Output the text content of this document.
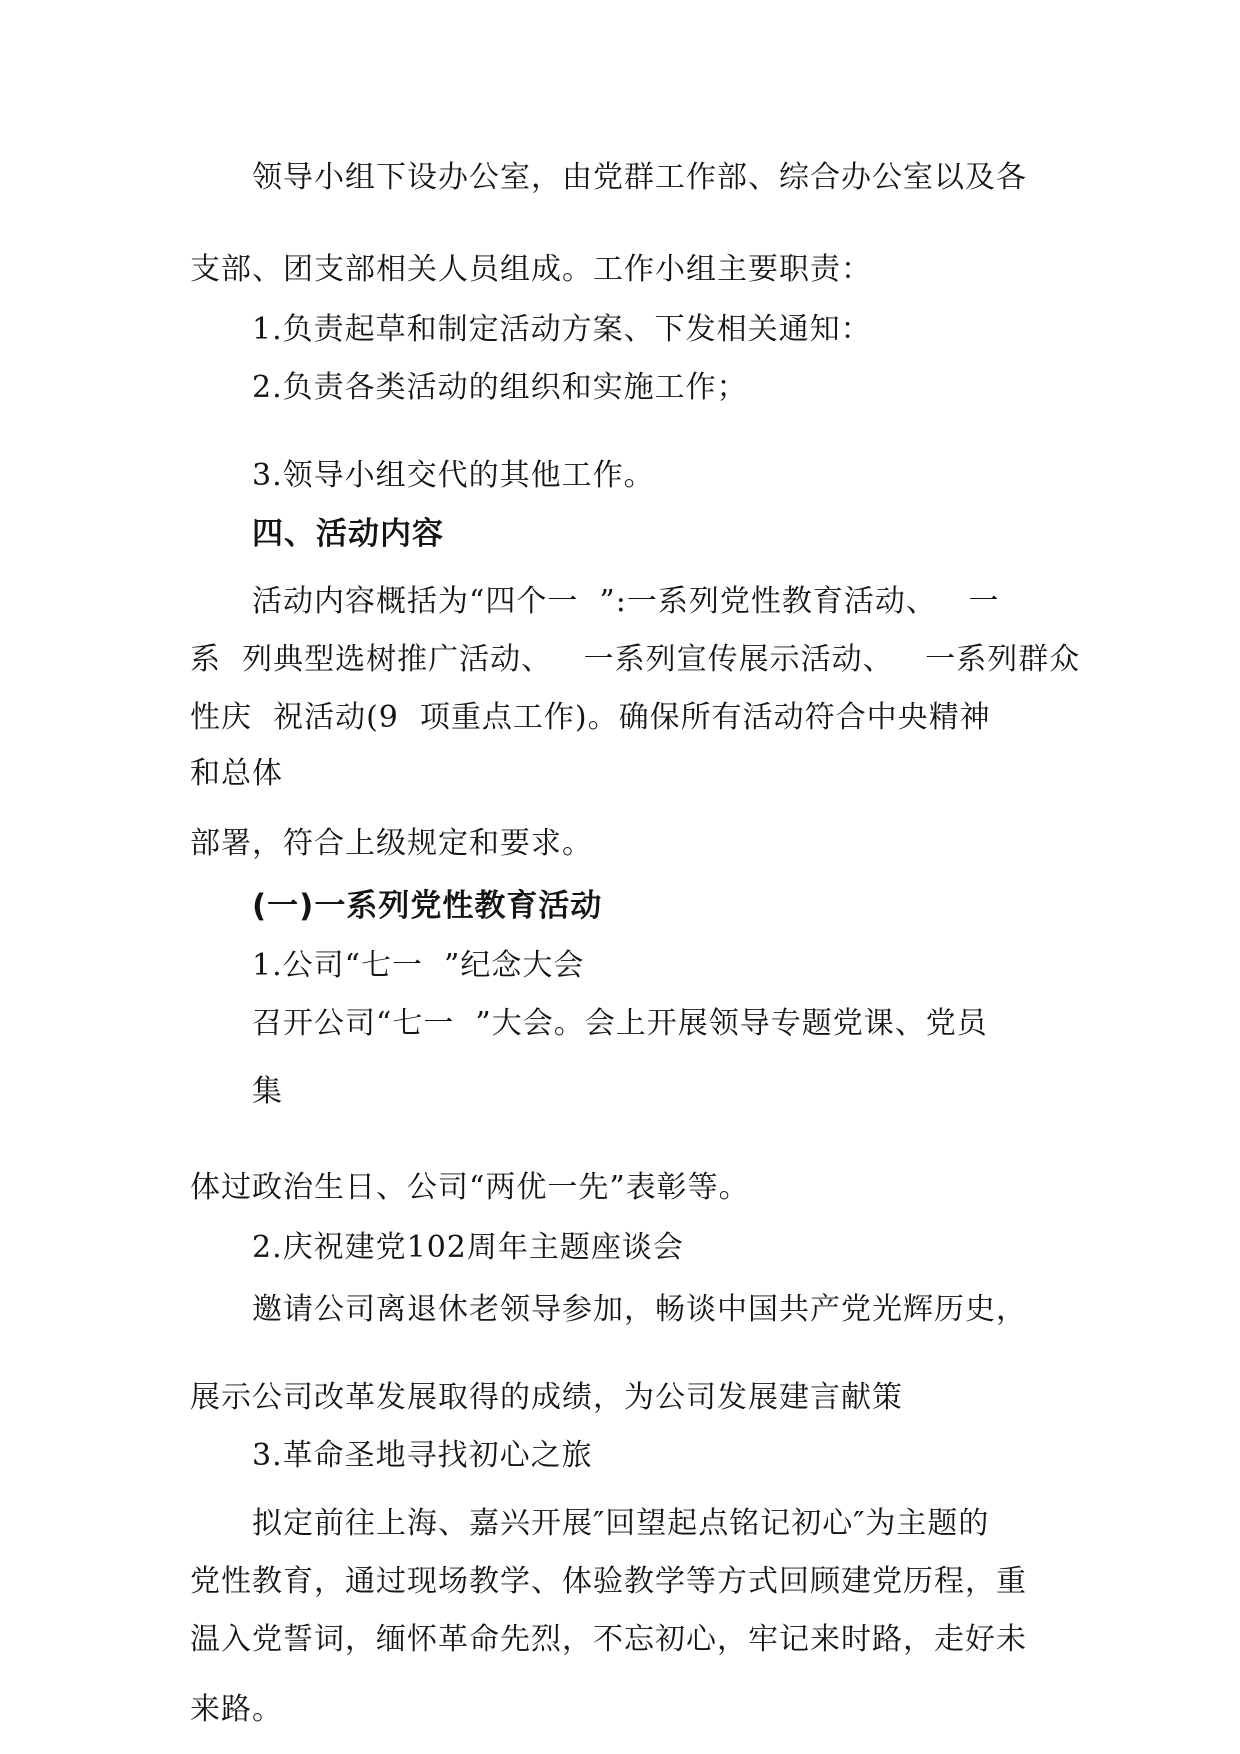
领导小组下设办公室，由党群工作部、综合办公室以及各
支部、团支部相关人员组成。工作小组主要职责：
1.负责起草和制定活动方案、下发相关通知：
2.负责各类活动的组织和实施工作；
3.领导小组交代的其他工作。
四、活动内容
活动内容概括为“四个一  ”:一系列党性教育活动、   一
系  列典型选树推广活动、   一系列宣传展示活动、   一系列群众
性庆  祝活动(9  项重点工作)。确保所有活动符合中央精神
和总体
部署，符合上级规定和要求。
(一)一系列党性教育活动
1.公司“七一  ”纪念大会
召开公司“七一  ”大会。会上开展领导专题党课、党员
集
体过政治生日、公司“两优一先”表彰等。
2.庆祝建党102周年主题座谈会
邀请公司离退休老领导参加，畅谈中国共产党光辉历史，
展示公司改革发展取得的成绩，为公司发展建言献策
3.革命圣地寻找初心之旅
拟定前往上海、嘉兴开展″回望起点铭记初心″为主题的
党性教育，通过现场教学、体验教学等方式回顾建党历程，重
温入党誓词，缅怀革命先烈，不忘初心，牢记来时路，走好未
来路。
